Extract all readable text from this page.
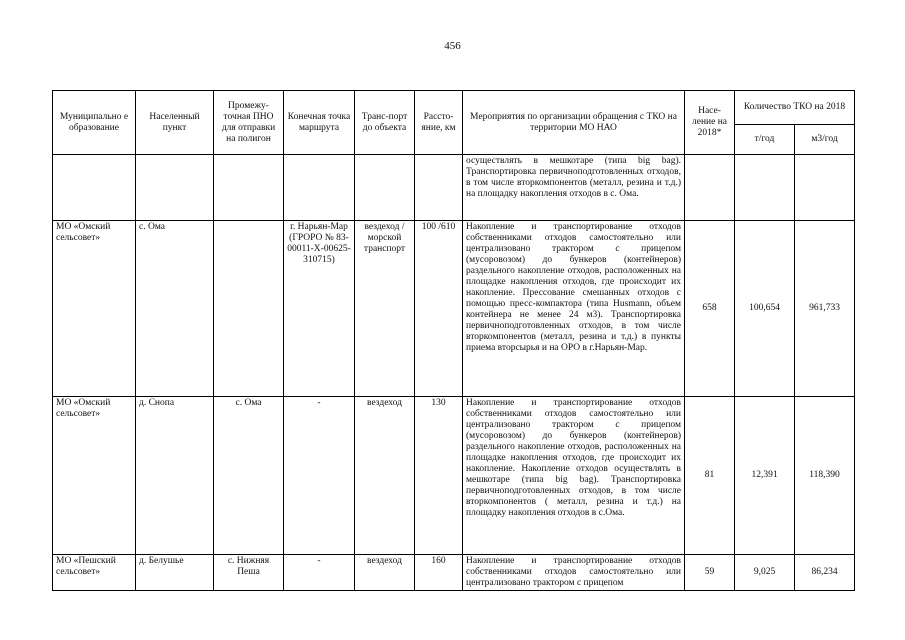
456
Муниципально е образование	Населенный пункт	Промежу-точная ПНО для отправки на полигон	Конечная точка маршрута	Транс-порт до объекта	Рассто-яние, км	Мероприятия по организации обращения с ТКО на территории МО НАО	Насе-ление на 2018*	Количество ТКО на 2018	
								т/год	м3/год
						осуществлять в мешкотаре (типа big bag). Транспортировка первичноподготовленных отходов, в том числе вторкомпонентов (металл, резина и т.д.) на площадку накопления отходов в с. Ома.			
МО «Омский сельсовет»	с. Ома		г. Нарьян-Мар (ГРОРО № 83-00011-Х-00625-310715)	вездеход / морской транспорт	100 /610	Накопление и транспортирование отходов собственниками отходов самостоятельно или централизовано трактором с прицепом (мусоровозом) до бункеров (контейнеров) раздельного накопление отходов, расположенных на площадке накопления отходов, где происходит их накопление. Прессование смешанных отходов с помощью пресс-компактора (типа Husmann, объем контейнера не менее 24 м3). Транспортировка первичноподготовленных отходов, в том числе вторкомпонентов (металл, резина и т.д.) в пункты приема вторсырья и на ОРО в г.Нарьян-Мар.	658	100,654	961,733
МО «Омский сельсовет»	д. Снопа	с. Ома	-	вездеход	130	Накопление и транспортирование отходов собственниками отходов самостоятельно или централизовано трактором с прицепом (мусоровозом) до бункеров (контейнеров) раздельного накопление отходов, расположенных на площадке накопления отходов, где происходит их накопление. Накопление отходов осуществлять в мешкотаре (типа big bag). Транспортировка первичноподготовленных отходов, в том числе вторкомпонентов ( металл, резина и т.д.) на площадку накопления отходов в с.Ома.	81	12,391	118,390
МО «Пешский сельсовет»	д. Белушье	с. Нижняя Пеша	-	вездеход	160	Накопление и транспортирование отходов собственниками отходов самостоятельно или централизовано трактором с прицепом	59	9,025	86,234
